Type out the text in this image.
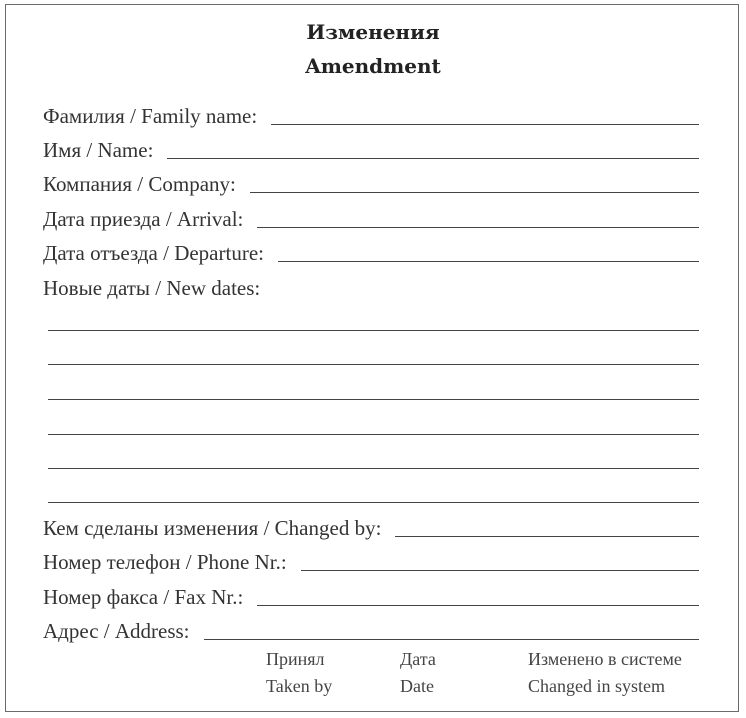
Изменения
Amendment
Фамилия / Family name:
Имя / Name:
Компания / Company:
Дата приезда / Arrival:
Дата отъезда / Departure:
Новые даты / New dates:
Кем сделаны изменения / Changed by:
Номер телефон / Phone Nr.:
Номер факса / Fax Nr.:
Адрес / Address:
Принял
Taken by
Дата
Date
Изменено в системе
Changed in system
